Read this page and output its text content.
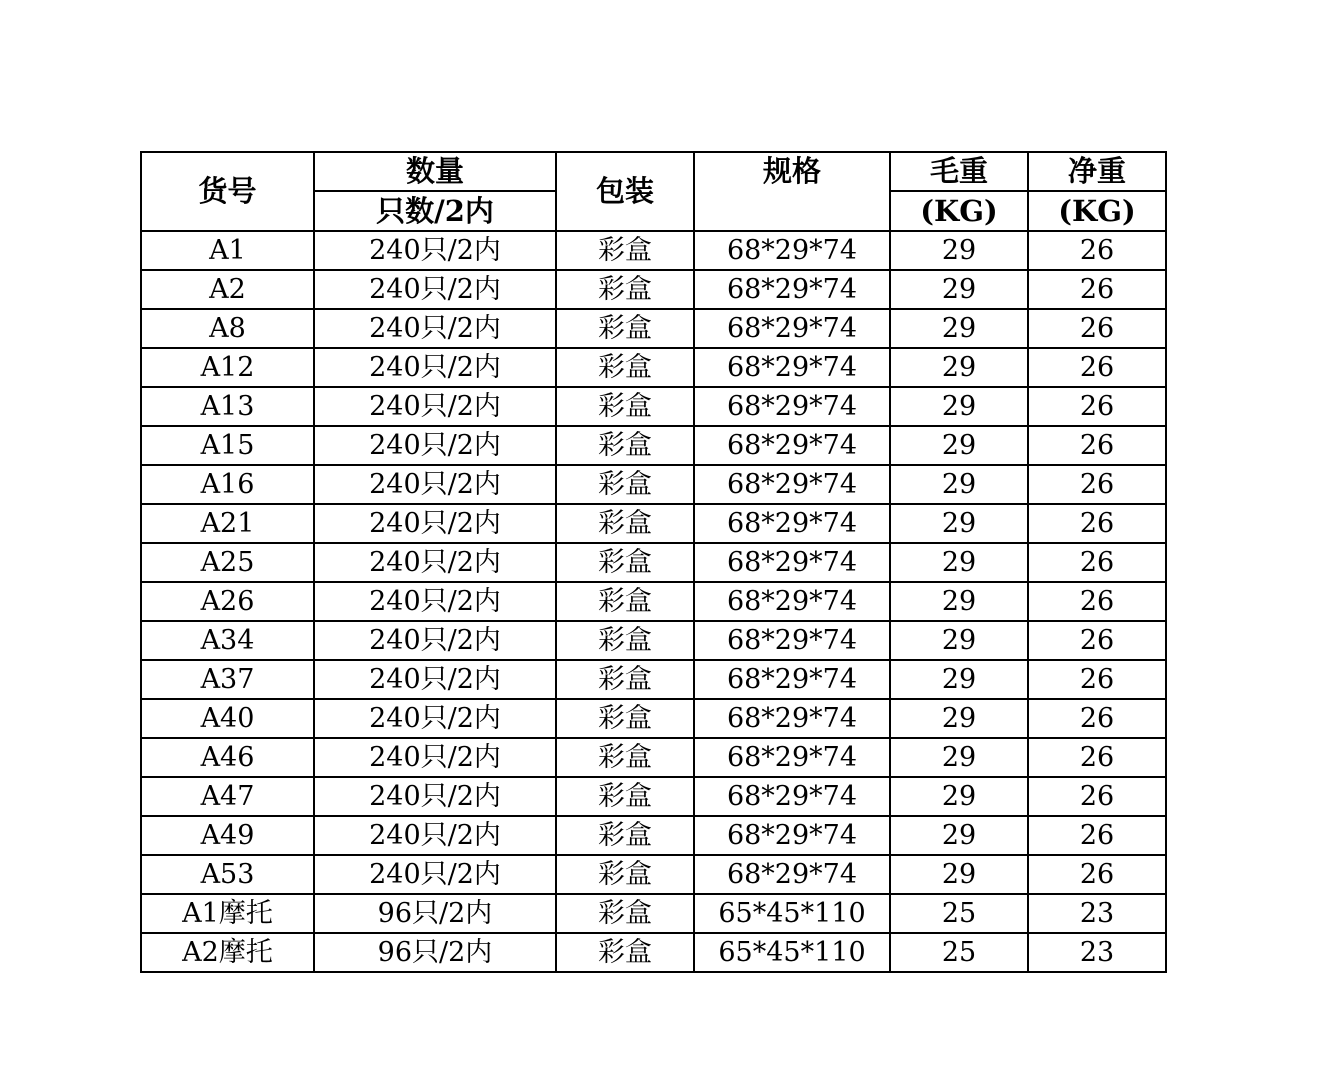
货号	数量	包装	规格	毛重	净重
	只数/2内			(KG)	(KG)
A1	240只/2内	彩盒	68*29*74	29	26
A2	240只/2内	彩盒	68*29*74	29	26
A8	240只/2内	彩盒	68*29*74	29	26
A12	240只/2内	彩盒	68*29*74	29	26
A13	240只/2内	彩盒	68*29*74	29	26
A15	240只/2内	彩盒	68*29*74	29	26
A16	240只/2内	彩盒	68*29*74	29	26
A21	240只/2内	彩盒	68*29*74	29	26
A25	240只/2内	彩盒	68*29*74	29	26
A26	240只/2内	彩盒	68*29*74	29	26
A34	240只/2内	彩盒	68*29*74	29	26
A37	240只/2内	彩盒	68*29*74	29	26
A40	240只/2内	彩盒	68*29*74	29	26
A46	240只/2内	彩盒	68*29*74	29	26
A47	240只/2内	彩盒	68*29*74	29	26
A49	240只/2内	彩盒	68*29*74	29	26
A53	240只/2内	彩盒	68*29*74	29	26
A1摩托	96只/2内	彩盒	65*45*110	25	23
A2摩托	96只/2内	彩盒	65*45*110	25	23
